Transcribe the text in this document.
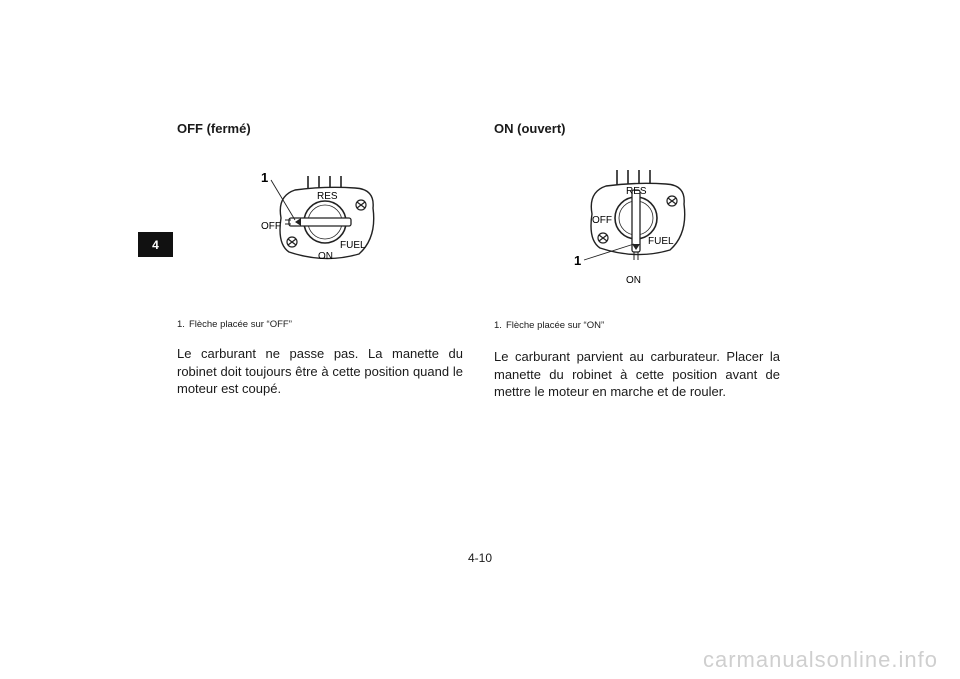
4
OFF (fermé)
1
RES
OFF
FUEL
ON
1. Flèche placée sur “OFF”
Le carburant ne passe pas. La manette du robinet doit toujours être à cette position quand le moteur est coupé.
ON (ouvert)
1
RES
OFF
FUEL
ON
1. Flèche placée sur “ON”
Le carburant parvient au carburateur. Placer la manette du robinet à cette position avant de mettre le moteur en marche et de rouler.
4-10
carmanualsonline.info
